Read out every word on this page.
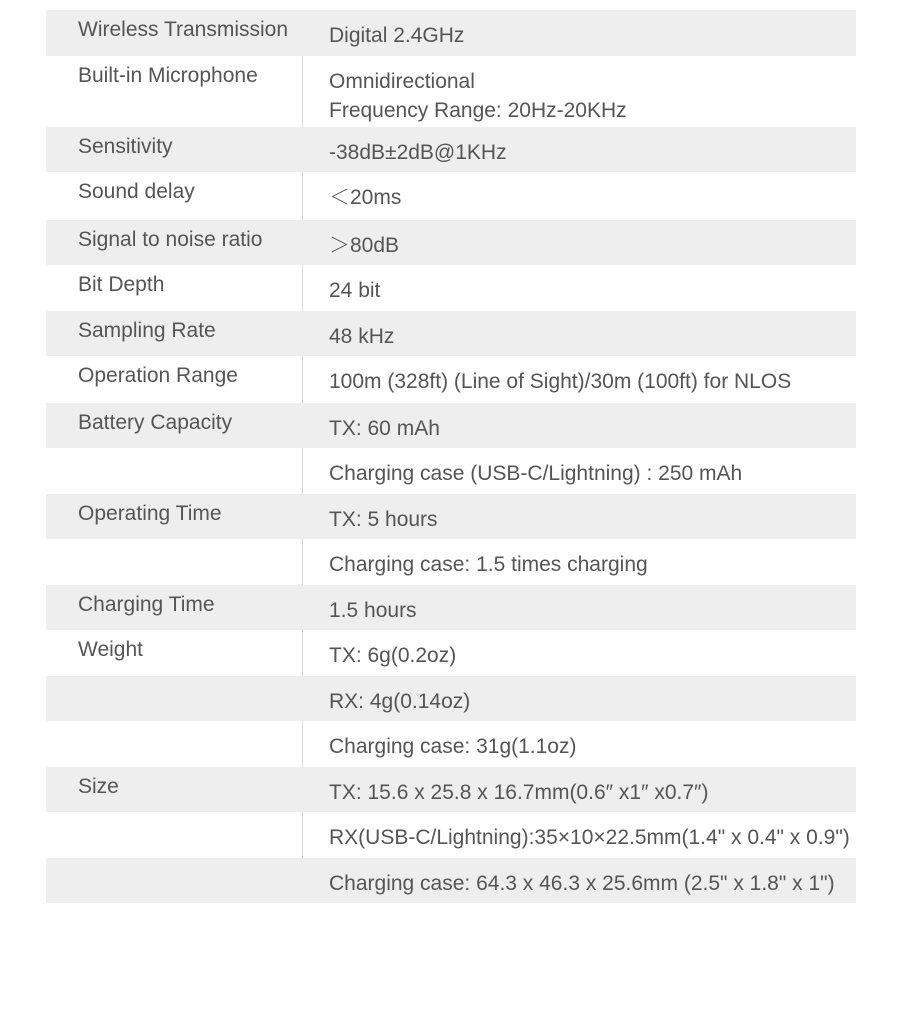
Wireless Transmission	Digital 2.4GHz
Built-in Microphone	Omnidirectional
Frequency Range: 20Hz-20KHz
Sensitivity	-38dB±2dB@1KHz
Sound delay	＜20ms
Signal to noise ratio	＞80dB
Bit Depth	24 bit
Sampling Rate	48 kHz
Operation Range	100m (328ft) (Line of Sight)/30m (100ft) for NLOS
Battery Capacity	TX: 60 mAh
Charging case (USB-C/Lightning) : 250 mAh
Operating Time	TX: 5 hours
Charging case: 1.5 times charging
Charging Time	1.5 hours
Weight	TX: 6g(0.2oz)
RX: 4g(0.14oz)
Charging case: 31g(1.1oz)
Size	TX: 15.6 x 25.8 x 16.7mm(0.6″ x1″ x0.7″)
RX(USB-C/Lightning):35×10×22.5mm(1.4" x 0.4" x 0.9")
Charging case: 64.3 x 46.3 x 25.6mm (2.5" x 1.8" x 1")
